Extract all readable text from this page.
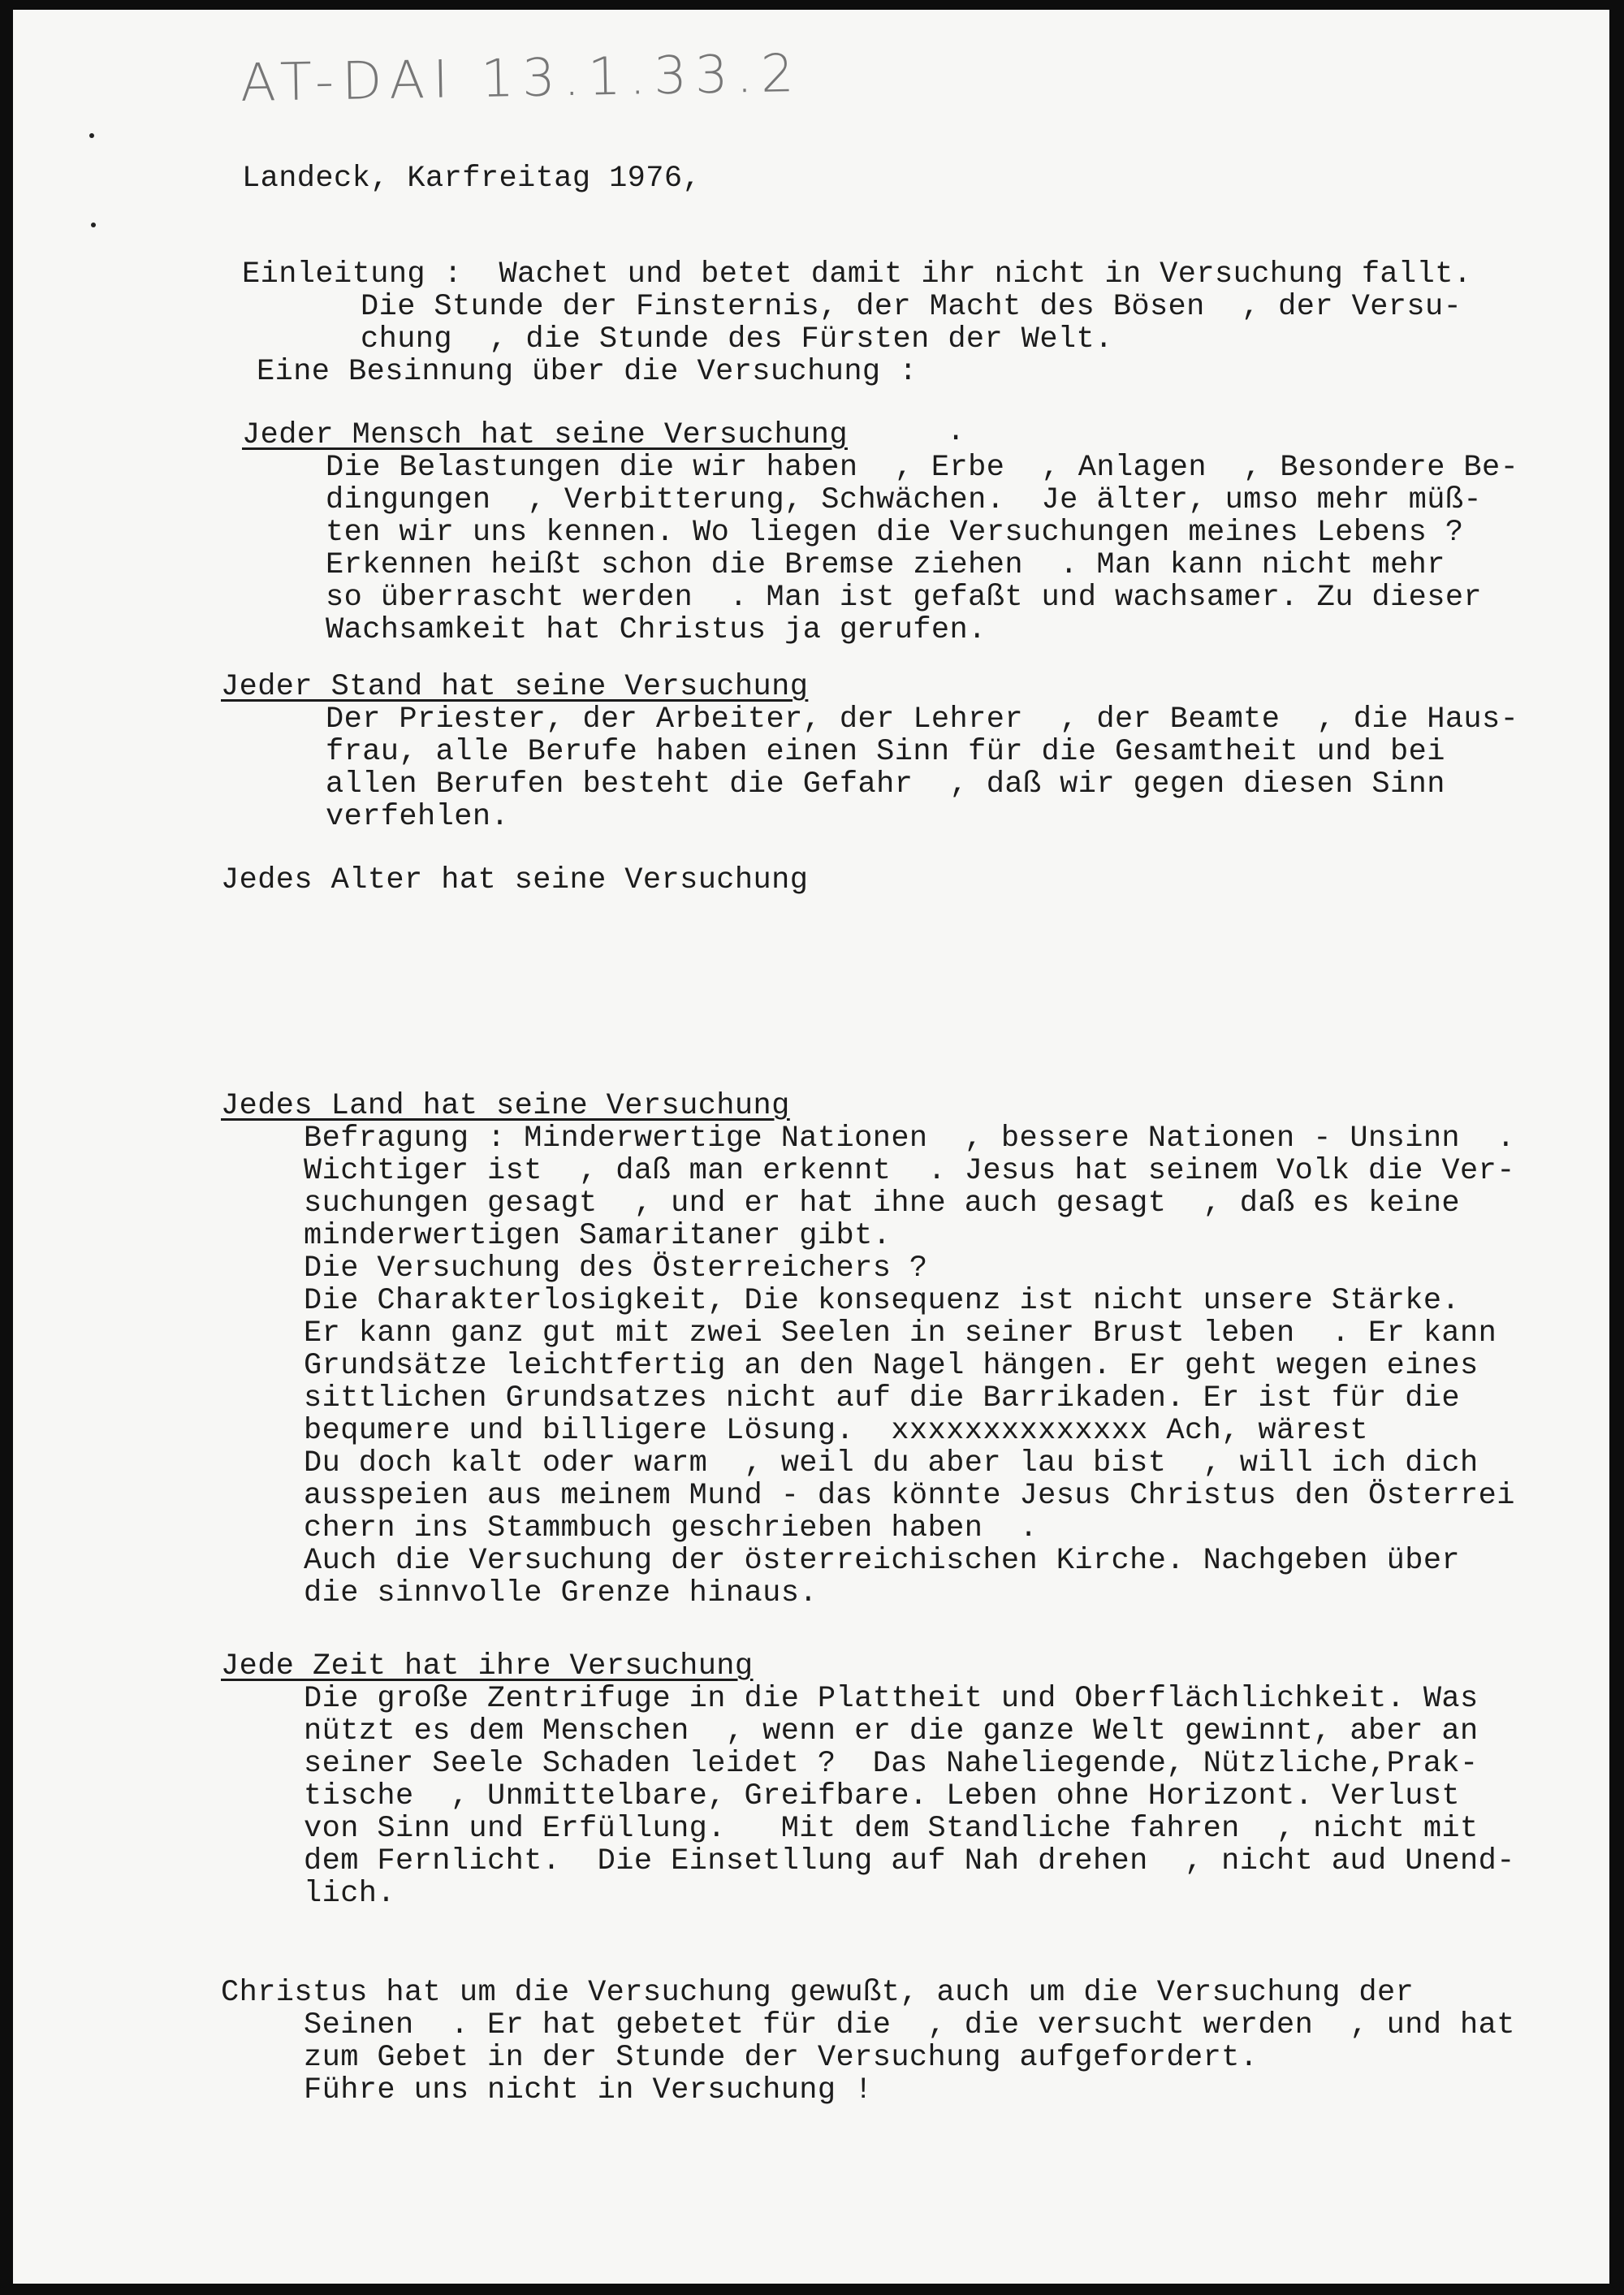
AT-DAI 13.1.33.2

Landeck, Karfreitag 1976,

Einleitung :  Wachet und betet damit ihr nicht in Versuchung fallt.

Die Stunde der Finsternis, der Macht des Bösen  , der Versu-

chung  , die Stunde des Fürsten der Welt.

Eine Besinnung über die Versuchung :

Jeder Mensch hat seine Versuchung

	.

Die Belastungen die wir haben  , Erbe  , Anlagen  , Besondere Be-

dingungen  , Verbitterung, Schwächen.  Je älter, umso mehr müß-

ten wir uns kennen. Wo liegen die Versuchungen meines Lebens ?

Erkennen heißt schon die Bremse ziehen  . Man kann nicht mehr

so überrascht werden  . Man ist gefaßt und wachsamer. Zu dieser

Wachsamkeit hat Christus ja gerufen.

Jeder Stand hat seine Versuchung

Der Priester, der Arbeiter, der Lehrer  , der Beamte  , die Haus-

frau, alle Berufe haben einen Sinn für die Gesamtheit und bei

allen Berufen besteht die Gefahr  , daß wir gegen diesen Sinn

verfehlen.

Jedes Alter hat seine Versuchung

Jedes Land hat seine Versuchung

Befragung : Minderwertige Nationen  , bessere Nationen - Unsinn  .

Wichtiger ist  , daß man erkennt  . Jesus hat seinem Volk die Ver-

suchungen gesagt  , und er hat ihne auch gesagt  , daß es keine

minderwertigen Samaritaner gibt.

Die Versuchung des Österreichers ?

Die Charakterlosigkeit, Die konsequenz ist nicht unsere Stärke.

Er kann ganz gut mit zwei Seelen in seiner Brust leben  . Er kann

Grundsätze leichtfertig an den Nagel hängen. Er geht wegen eines

sittlichen Grundsatzes nicht auf die Barrikaden. Er ist für die

bequmere und billigere Lösung.  xxxxxxxxxxxxxx Ach, wärest

Du doch kalt oder warm  , weil du aber lau bist  , will ich dich

ausspeien aus meinem Mund - das könnte Jesus Christus den Österrei

chern ins Stammbuch geschrieben haben  .

Auch die Versuchung der österreichischen Kirche. Nachgeben über

die sinnvolle Grenze hinaus.

Jede Zeit hat ihre Versuchung

Die große Zentrifuge in die Plattheit und Oberflächlichkeit. Was

nützt es dem Menschen  , wenn er die ganze Welt gewinnt, aber an

seiner Seele Schaden leidet ?  Das Naheliegende, Nützliche,Prak-

tische  , Unmittelbare, Greifbare. Leben ohne Horizont. Verlust

von Sinn und Erfüllung.   Mit dem Standliche fahren  , nicht mit

dem Fernlicht.  Die Einsetllung auf Nah drehen  , nicht aud Unend-

lich.

Christus hat um die Versuchung gewußt, auch um die Versuchung der

Seinen  . Er hat gebetet für die  , die versucht werden  , und hat

zum Gebet in der Stunde der Versuchung aufgefordert.

Führe uns nicht in Versuchung !
